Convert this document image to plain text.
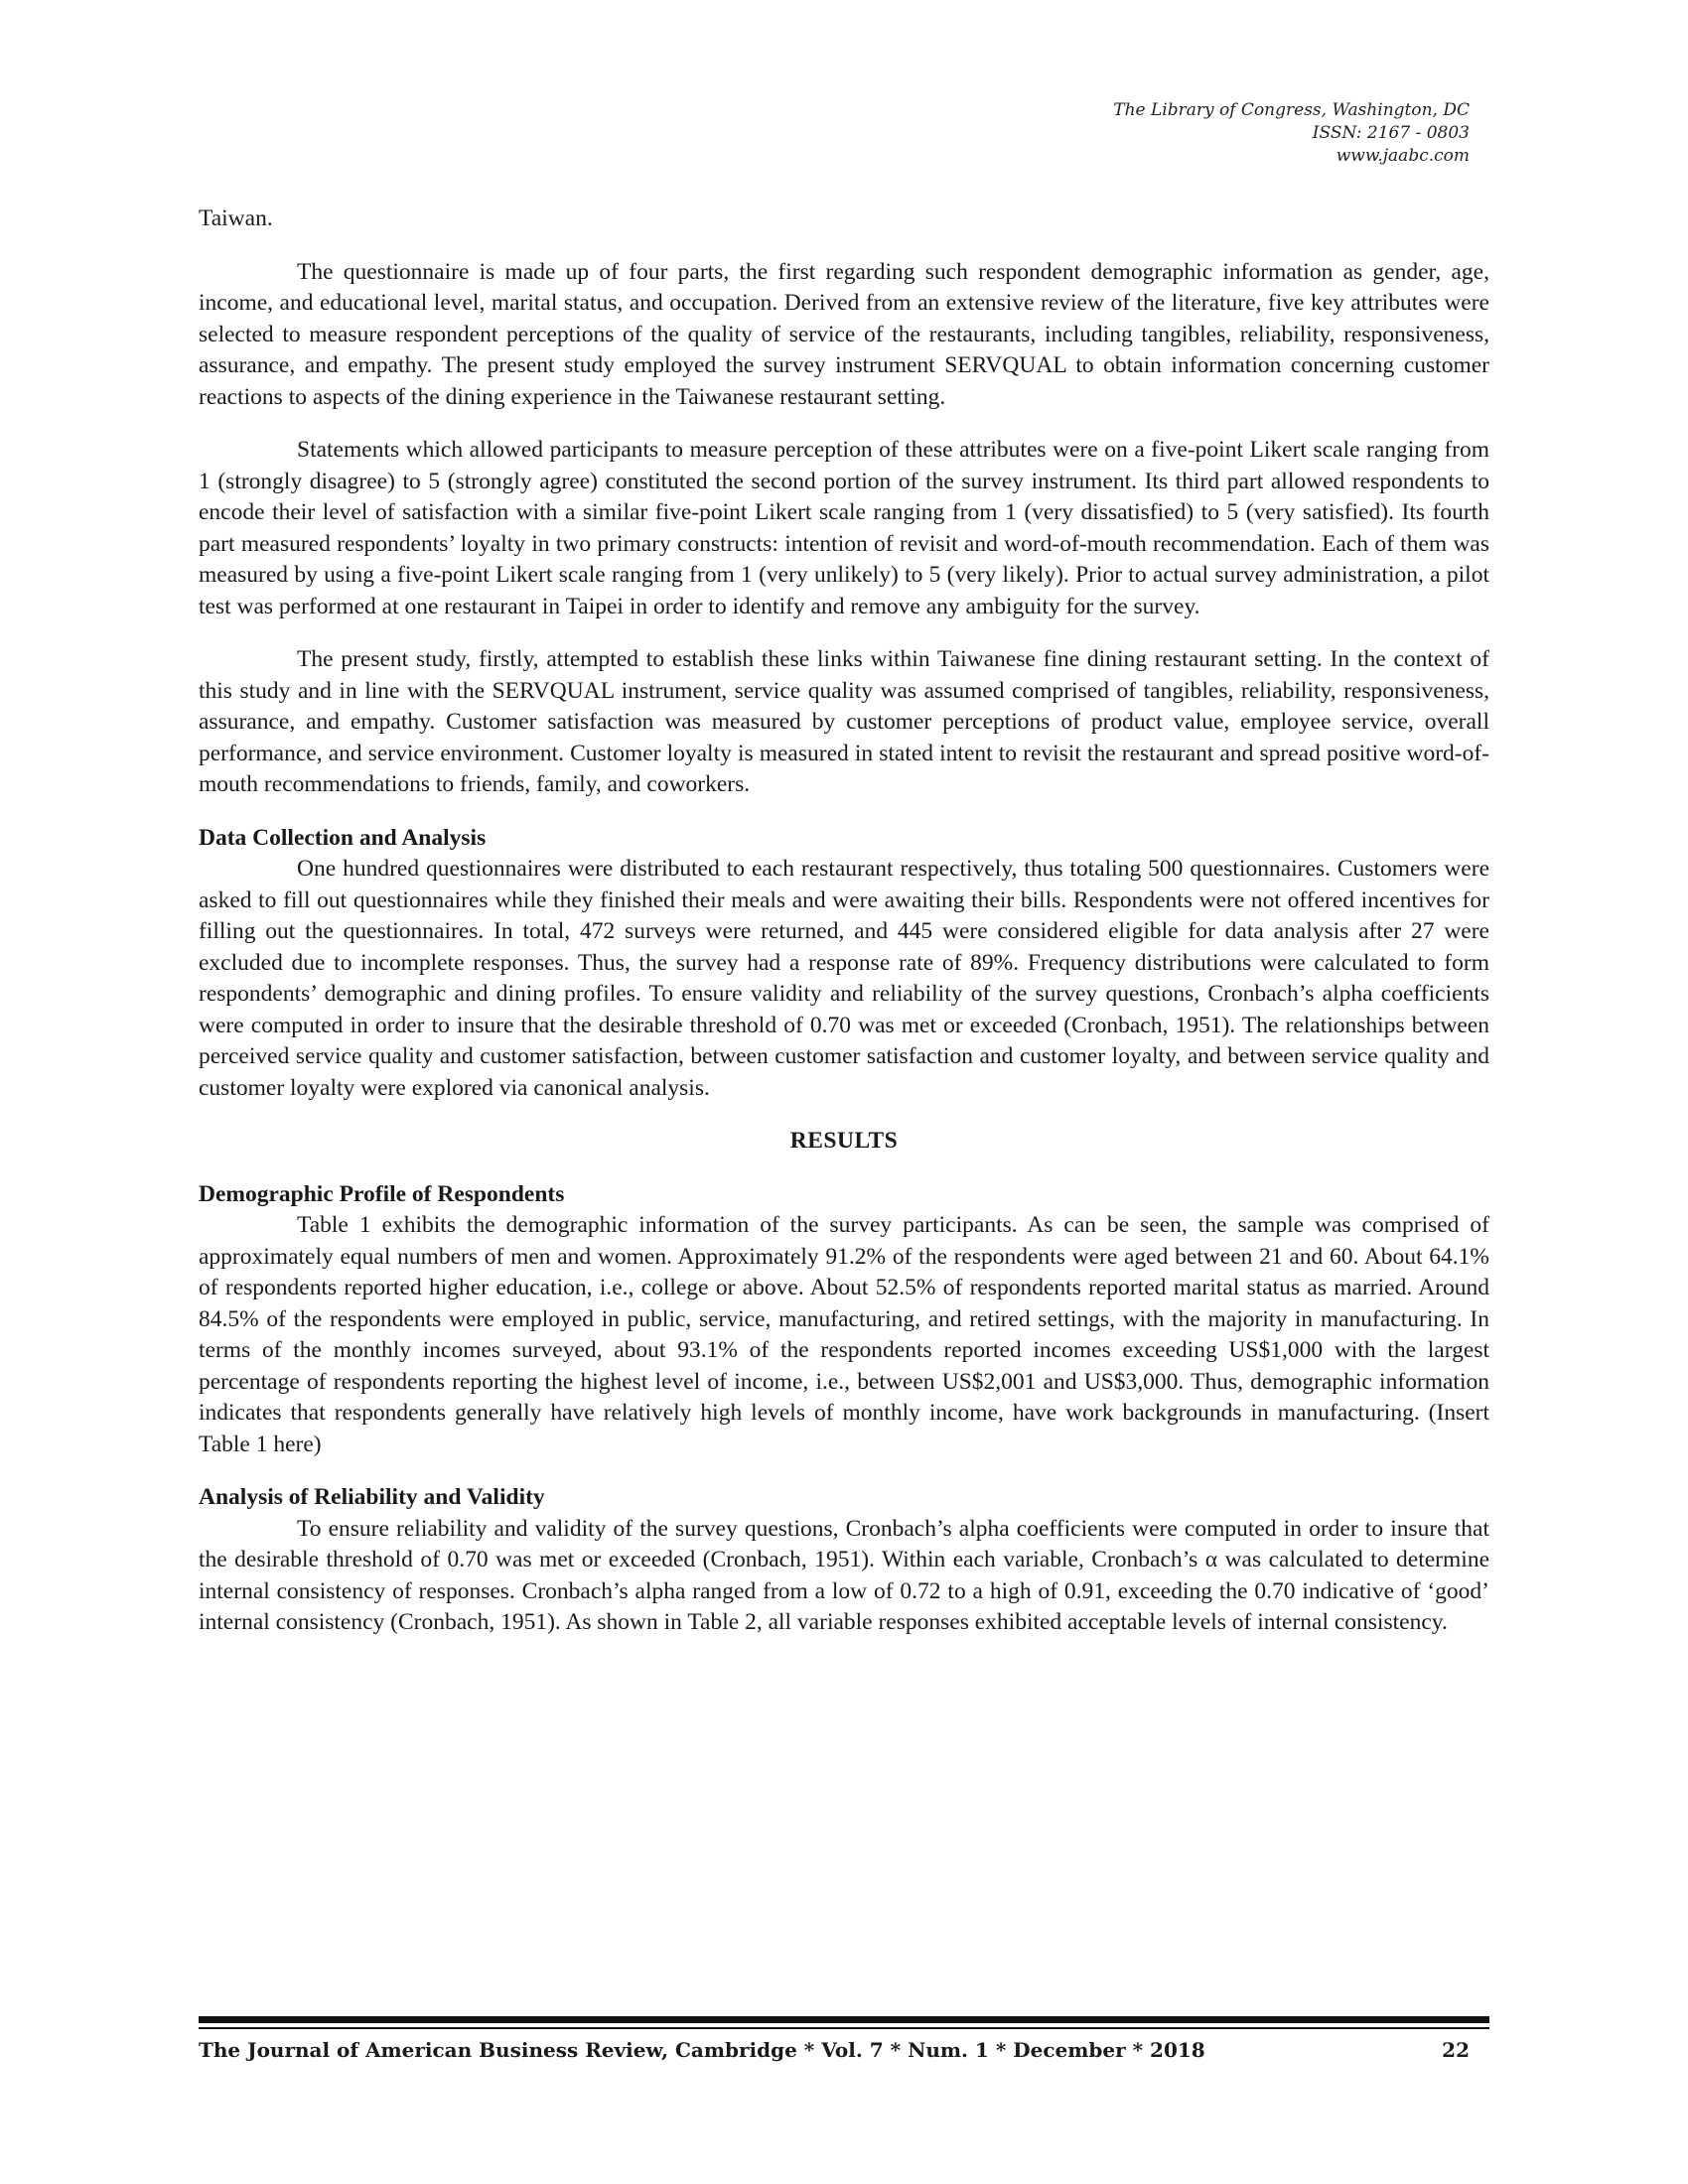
The Library of Congress, Washington, DC
ISSN: 2167 - 0803
www.jaabc.com

Taiwan.

The questionnaire is made up of four parts, the first regarding such respondent demographic information as gender, age, income, and educational level, marital status, and occupation. Derived from an extensive review of the literature, five key attributes were selected to measure respondent perceptions of the quality of service of the restaurants, including tangibles, reliability, responsiveness, assurance, and empathy. The present study employed the survey instrument SERVQUAL to obtain information concerning customer reactions to aspects of the dining experience in the Taiwanese restaurant setting.

Statements which allowed participants to measure perception of these attributes were on a five-point Likert scale ranging from 1 (strongly disagree) to 5 (strongly agree) constituted the second portion of the survey instrument. Its third part allowed respondents to encode their level of satisfaction with a similar five-point Likert scale ranging from 1 (very dissatisfied) to 5 (very satisfied). Its fourth part measured respondents’ loyalty in two primary constructs: intention of revisit and word-of-mouth recommendation. Each of them was measured by using a five-point Likert scale ranging from 1 (very unlikely) to 5 (very likely). Prior to actual survey administration, a pilot test was performed at one restaurant in Taipei in order to identify and remove any ambiguity for the survey.

The present study, firstly, attempted to establish these links within Taiwanese fine dining restaurant setting. In the context of this study and in line with the SERVQUAL instrument, service quality was assumed comprised of tangibles, reliability, responsiveness, assurance, and empathy. Customer satisfaction was measured by customer perceptions of product value, employee service, overall performance, and service environment. Customer loyalty is measured in stated intent to revisit the restaurant and spread positive word-of-mouth recommendations to friends, family, and coworkers.

Data Collection and Analysis

One hundred questionnaires were distributed to each restaurant respectively, thus totaling 500 questionnaires. Customers were asked to fill out questionnaires while they finished their meals and were awaiting their bills. Respondents were not offered incentives for filling out the questionnaires. In total, 472 surveys were returned, and 445 were considered eligible for data analysis after 27 were excluded due to incomplete responses. Thus, the survey had a response rate of 89%. Frequency distributions were calculated to form respondents’ demographic and dining profiles. To ensure validity and reliability of the survey questions, Cronbach’s alpha coefficients were computed in order to insure that the desirable threshold of 0.70 was met or exceeded (Cronbach, 1951). The relationships between perceived service quality and customer satisfaction, between customer satisfaction and customer loyalty, and between service quality and customer loyalty were explored via canonical analysis.

RESULTS
Demographic Profile of Respondents

Table 1 exhibits the demographic information of the survey participants. As can be seen, the sample was comprised of approximately equal numbers of men and women. Approximately 91.2% of the respondents were aged between 21 and 60. About 64.1% of respondents reported higher education, i.e., college or above. About 52.5% of respondents reported marital status as married. Around 84.5% of the respondents were employed in public, service, manufacturing, and retired settings, with the majority in manufacturing. In terms of the monthly incomes surveyed, about 93.1% of the respondents reported incomes exceeding US$1,000 with the largest percentage of respondents reporting the highest level of income, i.e., between US$2,001 and US$3,000. Thus, demographic information indicates that respondents generally have relatively high levels of monthly income, have work backgrounds in manufacturing. (Insert Table 1 here)

Analysis of Reliability and Validity

To ensure reliability and validity of the survey questions, Cronbach’s alpha coefficients were computed in order to insure that the desirable threshold of 0.70 was met or exceeded (Cronbach, 1951). Within each variable, Cronbach’s α was calculated to determine internal consistency of responses. Cronbach’s alpha ranged from a low of 0.72 to a high of 0.91, exceeding the 0.70 indicative of ‘good’ internal consistency (Cronbach, 1951). As shown in Table 2, all variable responses exhibited acceptable levels of internal consistency.

The Journal of American Business Review, Cambridge * Vol. 7 * Num. 1 * December * 2018	22
